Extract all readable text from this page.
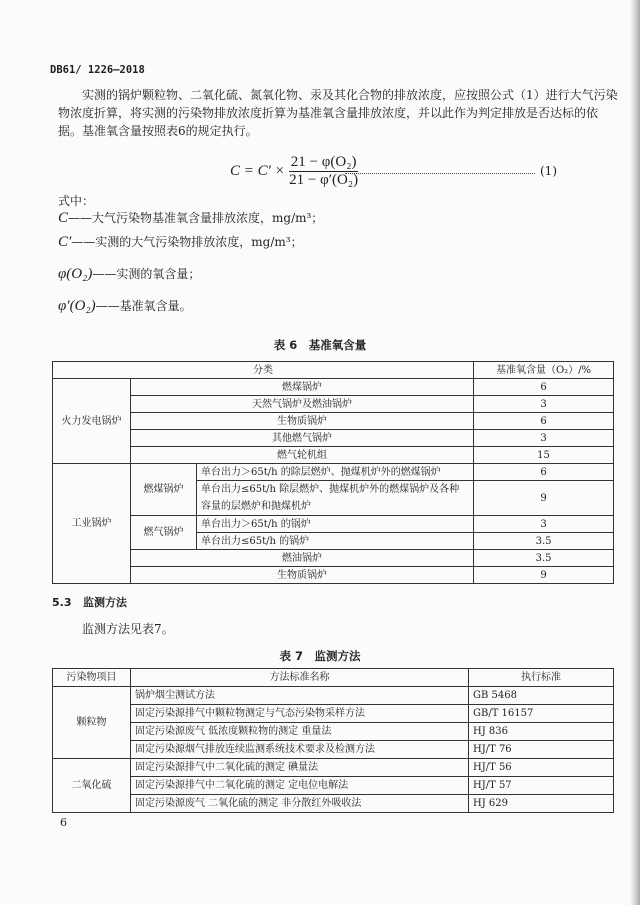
DB61/ 1226—2018

实测的锅炉颗粒物、二氧化硫、氮氧化物、汞及其化合物的排放浓度，应按照公式（1）进行大气污染物浓度折算，将实测的污染物排放浓度折算为基准氧含量排放浓度，并以此作为判定排放是否达标的依据。基准氧含量按照表6的规定执行。

$C = C' \times \frac{\text{21 − φ(O₂)}}{\text{21 − φ′(O₂)}}$	(1)
式中：
C——大气污染物基准氧含量排放浓度，mg/m³；
C′——实测的大气污染物排放浓度，mg/m³；
φ(O₂)——实测的氧含量；
φ′(O₂)——基准氧含量。
表 6　基准氧含量
分类			基准氧含量（O₂）/%
火力发电锅炉	燃煤锅炉		6
	天然气锅炉及燃油锅炉		3
	生物质锅炉		6
	其他燃气锅炉		3
	燃气轮机组		15
工业锅炉	燃煤锅炉	单台出力＞65t/h 的除层燃炉、抛煤机炉外的燃煤锅炉	6
		单台出力≤65t/h 除层燃炉、抛煤机炉外的燃煤锅炉及各种容量的层燃炉和抛煤机炉	9
	燃气锅炉	单台出力＞65t/h 的锅炉	3
		单台出力≤65t/h 的锅炉	3.5
	燃油锅炉		3.5
	生物质锅炉		9
5.3 监测方法
监测方法见表7。
表 7　监测方法
污染物项目	方法标准名称	执行标准
颗粒物	锅炉烟尘测试方法	GB 5468
	固定污染源排气中颗粒物测定与气态污染物采样方法	GB/T 16157
	固定污染源废气 低浓度颗粒物的测定 重量法	HJ 836
	固定污染源烟气排放连续监测系统技术要求及检测方法	HJ/T 76
二氧化硫	固定污染源排气中二氧化硫的测定 碘量法	HJ/T 56
	固定污染源排气中二氧化硫的测定 定电位电解法	HJ/T 57
	固定污染源废气 二氧化硫的测定 非分散红外吸收法	HJ 629
6
